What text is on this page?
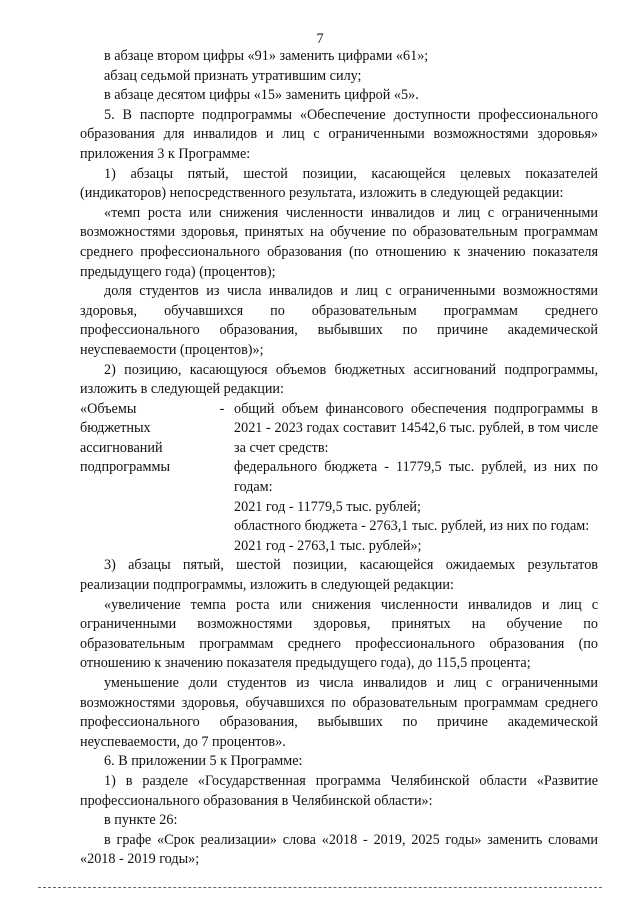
7

в абзаце втором цифры «91» заменить цифрами «61»;

абзац седьмой признать утратившим силу;

в абзаце десятом цифры «15» заменить цифрой «5».

5. В паспорте подпрограммы «Обеспечение доступности профессионального образования для инвалидов и лиц с ограниченными возможностями здоровья» приложения 3 к Программе:

1) абзацы пятый, шестой позиции, касающейся целевых показателей (индикаторов) непосредственного результата, изложить в следующей редакции:

«темп роста или снижения численности инвалидов и лиц с ограниченными возможностями здоровья, принятых на обучение по образовательным программам среднего профессионального образования (по отношению к значению показателя предыдущего года) (процентов);

доля студентов из числа инвалидов и лиц с ограниченными возможностями здоровья, обучавшихся по образовательным программам среднего профессионального образования, выбывших по причине академической неуспеваемости (процентов)»;

2) позицию, касающуюся объемов бюджетных ассигнований подпрограммы, изложить в следующей редакции:

«Объемы
бюджетных
ассигнований
подпрограммы
- общий объем финансового обеспечения подпрограммы в 2021 - 2023 годах составит 14542,6 тыс. рублей, в том числе за счет средств:

федерального бюджета - 11779,5 тыс. рублей, из них по годам:

2021 год - 11779,5 тыс. рублей;

областного бюджета - 2763,1 тыс. рублей, из них по годам:

2021 год - 2763,1 тыс. рублей»;

3) абзацы пятый, шестой позиции, касающейся ожидаемых результатов реализации подпрограммы, изложить в следующей редакции:

«увеличение темпа роста или снижения численности инвалидов и лиц с ограниченными возможностями здоровья, принятых на обучение по образовательным программам среднего профессионального образования (по отношению к значению показателя предыдущего года), до 115,5 процента;

уменьшение доли студентов из числа инвалидов и лиц с ограниченными возможностями здоровья, обучавшихся по образовательным программам среднего профессионального образования, выбывших по причине академической неуспеваемости, до 7 процентов».

6. В приложении 5 к Программе:

1) в разделе «Государственная программа Челябинской области «Развитие профессионального образования в Челябинской области»:

в пункте 26:

в графе «Срок реализации» слова «2018 - 2019, 2025 годы» заменить словами «2018 - 2019 годы»;
